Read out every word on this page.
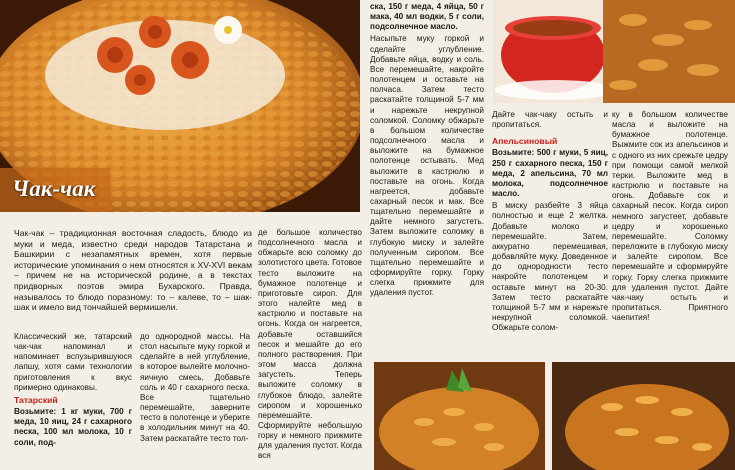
Чак-чак
Чак-чак – традиционная восточная сладость, блюдо из муки и меда, известно среди народов Татарстана и Башкирии с незапамятных времен, хотя первые исторические упоминания о нем относятся к XV-XVI векам – причем не на исторической родине, а в текстах придворных поэтов эмира Бухарского. Правда, называлось то блюдо поразному: то – калеве, то – шак-шак и имело вид тончайшей вермишели.

Классический же, татарский чак-чак напоминал и напоминает вспузырившуюся лапшу, хотя сами технологии приготовления к вкус примерно одинаковы.

Татарский

Возьмите: 1 кг муки, 700 г меда, 10 яиц, 24 г сахарного песка, 100 мл молока, 10 г соли, под-

до однородной массы. На стол насыпьте муку горкой и сделайте в ней углубление, в которое вылейте молочно-яичную смесь. Добавьте соль и 40 г сахарного песка. Все тщательно перемешайте, заверните тесто в полотенце и уберите в холодильник минут на 40. Затем раскатайте тесто тол-
де большое количество подсолнечного масла и обжарьте всю соломку до золотистого цвета. Готовое тесто выложите на бумажное полотенце и приготовьте сироп. Для этого налейте мед в кастрюлю и поставьте на огонь. Когда он нагреется, добавьте оставшийся песок и мешайте до его полного растворения. При этом масса должна загустеть. Теперь выложите соломку в глубокое блюдо, залейте сиропом и хорошенько перемешайте. Сформируйте небольшую горку и немного прижмите для удаления пустот. Когда вся

ска, 150 г меда, 4 яйца, 50 г мака, 40 мл водки, 5 г соли, подсолнечное масло.

Насыпьте муку горкой и сделайте углубление. Добавьте яйца, водку и соль. Все перемешайте, накройте полотенцем и оставьте на полчаса. Затем тесто раскатайте толщиной 5-7 мм и нарежьте некрупной соломкой. Соломку обжарьте в большом количестве подсолнечного масла и выложите на бумажное полотенце остывать. Мед выложите в кастрюлю и поставьте на огонь. Когда нагреется, добавьте сахарный песок и мак. Все тщательно перемешайте и дайте немного загустеть. Затем выложите соломку в глубокую миску и залейте полученным сиропом. Все тщательно перемешайте и сформируйте горку. Горку слегка прижмите для удаления пустот.

Дайте чак-чаку остыть и пропитаться.

Апельсиновый

Возьмите: 500 г муки, 5 яиц, 250 г сахарного песка, 150 г меда, 2 апельсина, 70 мл молока, подсолнечное масло.

В миску разбейте 3 яйца полностью и еще 2 желтка. Добавьте молоко и перемешайте. Затем, аккуратно перемешивая, добавляйте муку. Доведенное до однородности тесто накройте полотенцем и оставьте минут на 20-30. Затем тесто раскатайте толщиной 5-7 мм и нарежьте некрупной соломкой. Обжарьте солом-

ку в большом количестве масла и выложите на бумажное полотенце. Выжмите сок из апельсинов и с одного из них срежьте цедру при помощи самой мелкой терки. Выложите мед в кастрюлю и поставьте на огонь. Добавьте сок и сахарный песок. Когда сироп немного загустеет, добавьте цедру и хорошенько перемешайте. Соломку переложите в глубокую миску и залейте сиропом. Все перемешайте и сформируйте горку. Горку слегка прижмите для удаления пустот. Дайте чак-чаку остыть и пропитаться. Приятного чаепития!
